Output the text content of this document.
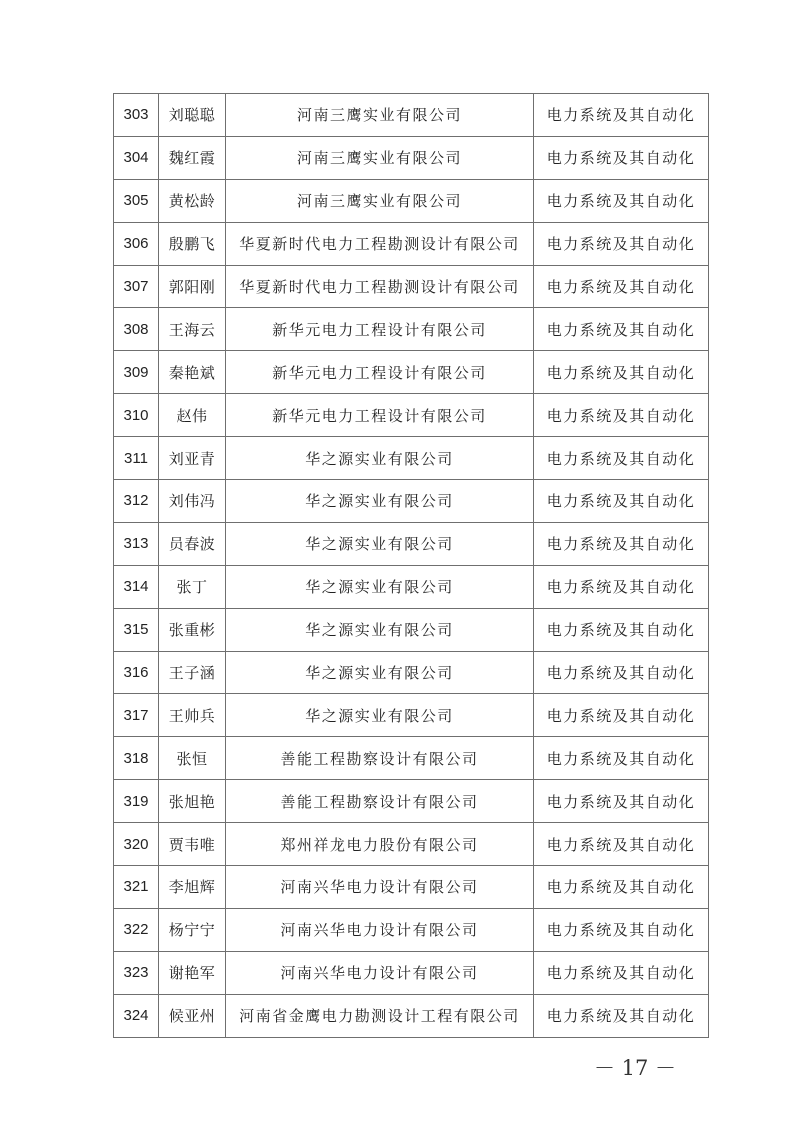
303	刘聪聪	河南三鹰实业有限公司	电力系统及其自动化
304	魏红霞	河南三鹰实业有限公司	电力系统及其自动化
305	黄松龄	河南三鹰实业有限公司	电力系统及其自动化
306	殷鹏飞	华夏新时代电力工程勘测设计有限公司	电力系统及其自动化
307	郭阳刚	华夏新时代电力工程勘测设计有限公司	电力系统及其自动化
308	王海云	新华元电力工程设计有限公司	电力系统及其自动化
309	秦艳斌	新华元电力工程设计有限公司	电力系统及其自动化
310	赵伟	新华元电力工程设计有限公司	电力系统及其自动化
311	刘亚青	华之源实业有限公司	电力系统及其自动化
312	刘伟冯	华之源实业有限公司	电力系统及其自动化
313	员春波	华之源实业有限公司	电力系统及其自动化
314	张丁	华之源实业有限公司	电力系统及其自动化
315	张重彬	华之源实业有限公司	电力系统及其自动化
316	王子涵	华之源实业有限公司	电力系统及其自动化
317	王帅兵	华之源实业有限公司	电力系统及其自动化
318	张恒	善能工程勘察设计有限公司	电力系统及其自动化
319	张旭艳	善能工程勘察设计有限公司	电力系统及其自动化
320	贾韦唯	郑州祥龙电力股份有限公司	电力系统及其自动化
321	李旭辉	河南兴华电力设计有限公司	电力系统及其自动化
322	杨宁宁	河南兴华电力设计有限公司	电力系统及其自动化
323	谢艳军	河南兴华电力设计有限公司	电力系统及其自动化
324	候亚州	河南省金鹰电力勘测设计工程有限公司	电力系统及其自动化
－ 17 －
